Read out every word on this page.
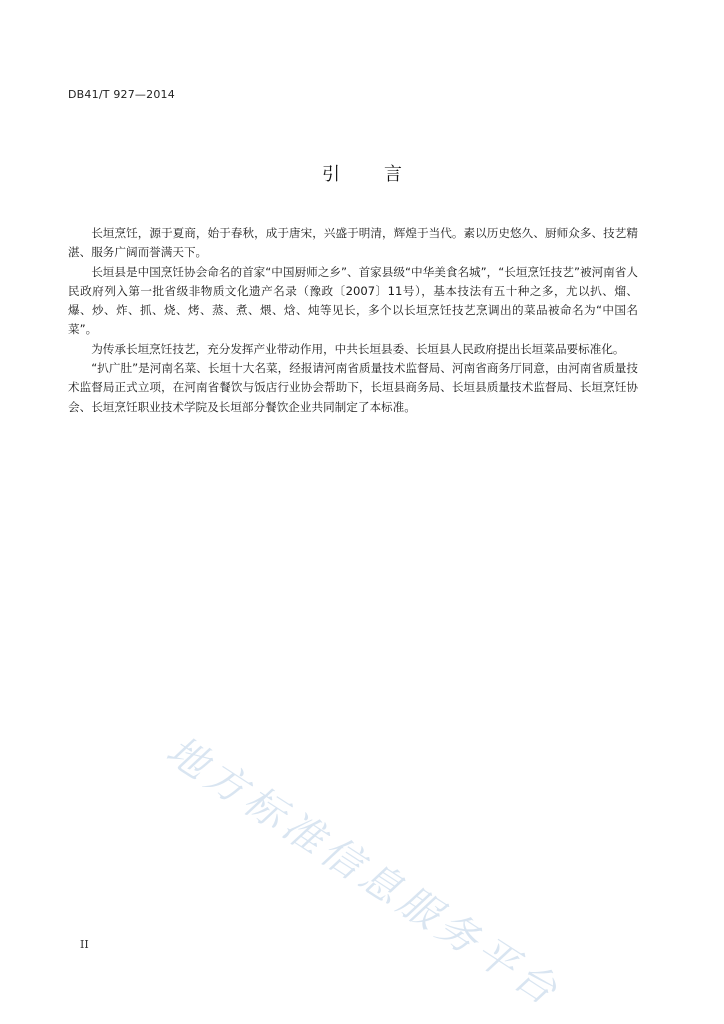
DB41/T 927—2014
引言

长垣烹饪，源于夏商，始于春秋，成于唐宋，兴盛于明清，辉煌于当代。素以历史悠久、厨师众多、技艺精湛、服务广阔而誉满天下。

长垣县是中国烹饪协会命名的首家“中国厨师之乡”、首家县级“中华美食名城”，“长垣烹饪技艺”被河南省人民政府列入第一批省级非物质文化遗产名录（豫政〔2007〕11号），基本技法有五十种之多，尤以扒、熘、爆、炒、炸、抓、烧、烤、蒸、煮、煨、焓、炖等见长，多个以长垣烹饪技艺烹调出的菜品被命名为“中国名菜”。

为传承长垣烹饪技艺，充分发挥产业带动作用，中共长垣县委、长垣县人民政府提出长垣菜品要标准化。

“扒广肚”是河南名菜、长垣十大名菜，经报请河南省质量技术监督局、河南省商务厅同意，由河南省质量技术监督局正式立项，在河南省餐饮与饭店行业协会帮助下，长垣县商务局、长垣县质量技术监督局、长垣烹饪协会、长垣烹饪职业技术学院及长垣部分餐饮企业共同制定了本标准。

地方标准信息服务平台
II
